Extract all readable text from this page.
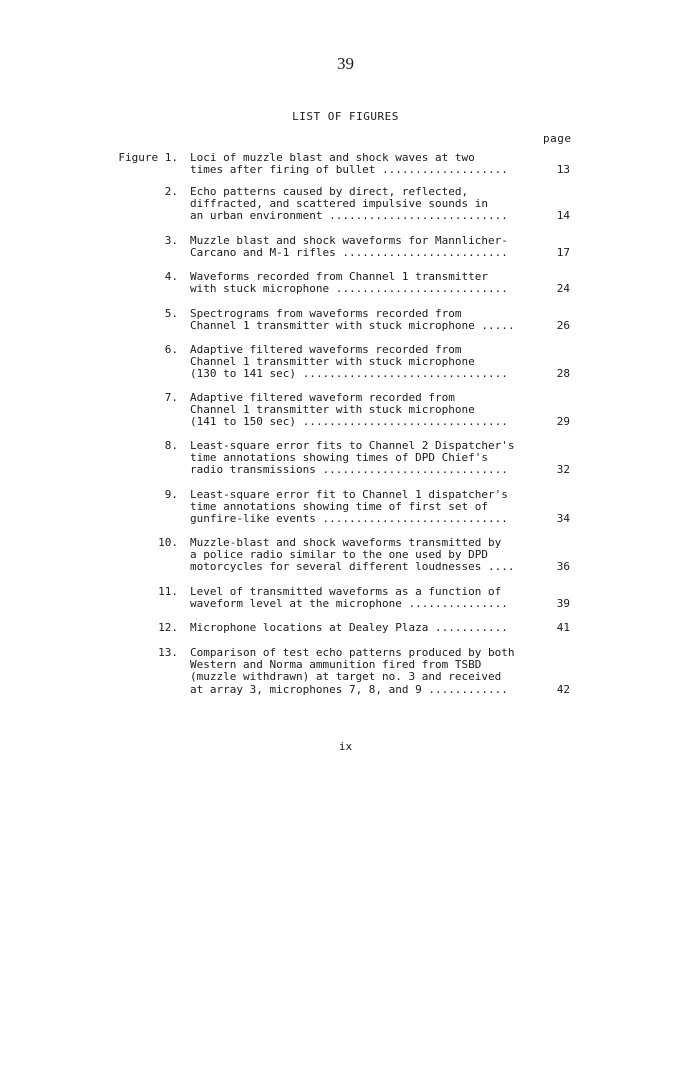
39
LIST OF FIGURES
page
Figure 1. Loci of muzzle blast and shock waves at two
times after firing of bullet ...................	13
2. Echo patterns caused by direct, reflected,
diffracted, and scattered impulsive sounds in
an urban environment ...........................	14
3. Muzzle blast and shock waveforms for Mannlicher-
Carcano and M-1 rifles .........................	17
4. Waveforms recorded from Channel 1 transmitter
with stuck microphone ..........................	24
5. Spectrograms from waveforms recorded from
Channel 1 transmitter with stuck microphone .....	26
6. Adaptive filtered waveforms recorded from
Channel 1 transmitter with stuck microphone
(130 to 141 sec) ...............................	28
7. Adaptive filtered waveform recorded from
Channel 1 transmitter with stuck microphone
(141 to 150 sec) ...............................	29
8. Least-square error fits to Channel 2 Dispatcher's
time annotations showing times of DPD Chief's
radio transmissions ............................	32
9. Least-square error fit to Channel 1 dispatcher's
time annotations showing time of first set of
gunfire-like events ............................	34
10. Muzzle-blast and shock waveforms transmitted by
a police radio similar to the one used by DPD
motorcycles for several different loudnesses ....	36
11. Level of transmitted waveforms as a function of
waveform level at the microphone ...............	39
12. Microphone locations at Dealey Plaza ...........	41
13. Comparison of test echo patterns produced by both
Western and Norma ammunition fired from TSBD
(muzzle withdrawn) at target no. 3 and received
at array 3, microphones 7, 8, and 9 ............	42
ix
